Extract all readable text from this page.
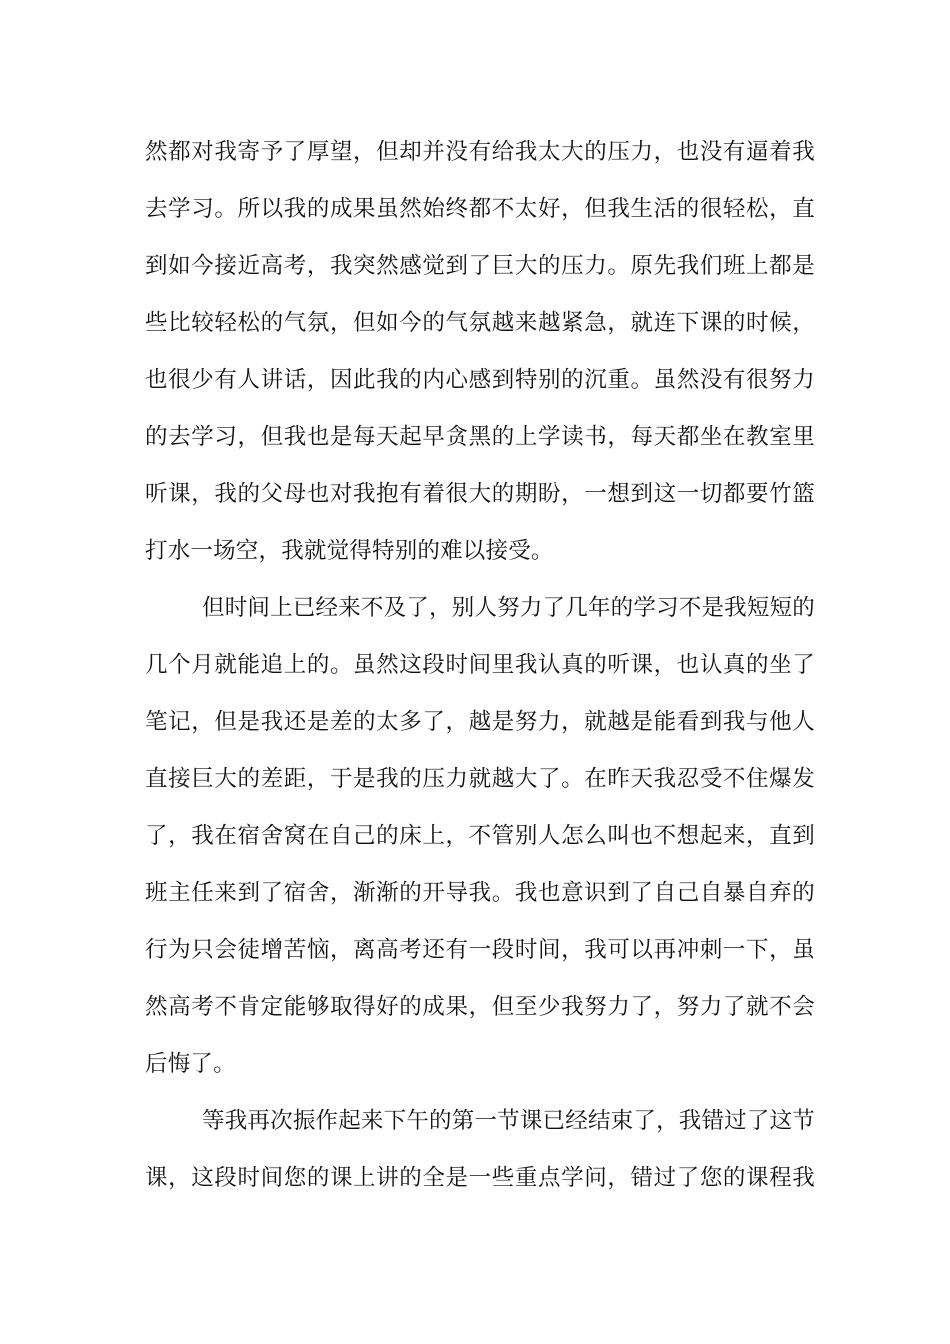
然都对我寄予了厚望，但却并没有给我太大的压力，也没有逼着我
去学习。所以我的成果虽然始终都不太好，但我生活的很轻松，直
到如今接近高考，我突然感觉到了巨大的压力。原先我们班上都是
些比较轻松的气氛，但如今的气氛越来越紧急，就连下课的时候，
也很少有人讲话，因此我的内心感到特别的沉重。虽然没有很努力
的去学习，但我也是每天起早贪黑的上学读书，每天都坐在教室里
听课，我的父母也对我抱有着很大的期盼，一想到这一切都要竹篮
打水一场空，我就觉得特别的难以接受。
但时间上已经来不及了，别人努力了几年的学习不是我短短的
几个月就能追上的。虽然这段时间里我认真的听课，也认真的坐了
笔记，但是我还是差的太多了，越是努力，就越是能看到我与他人
直接巨大的差距，于是我的压力就越大了。在昨天我忍受不住爆发
了，我在宿舍窝在自己的床上，不管别人怎么叫也不想起来，直到
班主任来到了宿舍，渐渐的开导我。我也意识到了自己自暴自弃的
行为只会徒增苦恼，离高考还有一段时间，我可以再冲刺一下，虽
然高考不肯定能够取得好的成果，但至少我努力了，努力了就不会
后悔了。
等我再次振作起来下午的第一节课已经结束了，我错过了这节
课，这段时间您的课上讲的全是一些重点学问，错过了您的课程我
